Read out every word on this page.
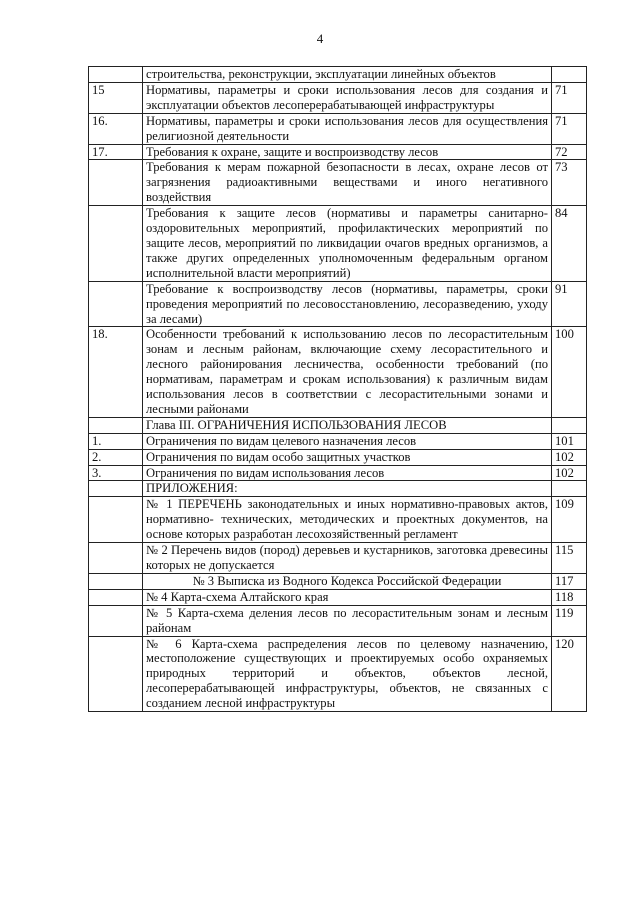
4
	строительства, реконструкции, эксплуатации линейных объектов	
15	Нормативы, параметры и сроки использования лесов для создания и эксплуатации объектов лесоперерабатывающей инфраструктуры	71
16.	Нормативы, параметры и сроки использования лесов для осуществления религиозной деятельности	71
17.	Требования к охране, защите и воспроизводству лесов	72
	Требования к мерам пожарной безопасности в лесах, охране лесов от загрязнения радиоактивными веществами и иного негативного воздействия	73
	Требования к защите лесов (нормативы и параметры санитарно-оздоровительных мероприятий, профилактических мероприятий по защите лесов, мероприятий по ликвидации очагов вредных организмов, а также других определенных уполномоченным федеральным органом исполнительной власти мероприятий)	84
	Требование к воспроизводству лесов (нормативы, параметры, сроки проведения мероприятий по лесовосстановлению, лесоразведению, уходу за лесами)	91
18.	Особенности требований к использованию лесов по лесорастительным зонам и лесным районам, включающие схему лесорастительного и лесного районирования лесничества, особенности требований (по нормативам, параметрам и срокам использования) к различным видам использования лесов в соответствии с лесорастительными зонами и лесными районами	100
	Глава III. ОГРАНИЧЕНИЯ ИСПОЛЬЗОВАНИЯ ЛЕСОВ	
1.	Ограничения по видам целевого назначения лесов	101
2.	Ограничения по видам особо защитных участков	102
3.	Ограничения по видам использования лесов	102
	ПРИЛОЖЕНИЯ:	
	№ 1 ПЕРЕЧЕНЬ законодательных и иных нормативно-правовых актов, нормативно- технических, методических и проектных документов, на основе которых разработан лесохозяйственный регламент	109
	№ 2 Перечень видов (пород) деревьев и кустарников, заготовка древесины которых не допускается	115
	№ 3 Выписка из Водного Кодекса Российской Федерации	117
	№ 4 Карта-схема Алтайского края	118
	№ 5 Карта-схема деления лесов по лесорастительным зонам и лесным районам	119
	№ 6 Карта-схема распределения лесов по целевому назначению, местоположение существующих и проектируемых особо охраняемых природных территорий и объектов, объектов лесной, лесоперерабатывающей инфраструктуры, объектов, не связанных с созданием лесной инфраструктуры	120
